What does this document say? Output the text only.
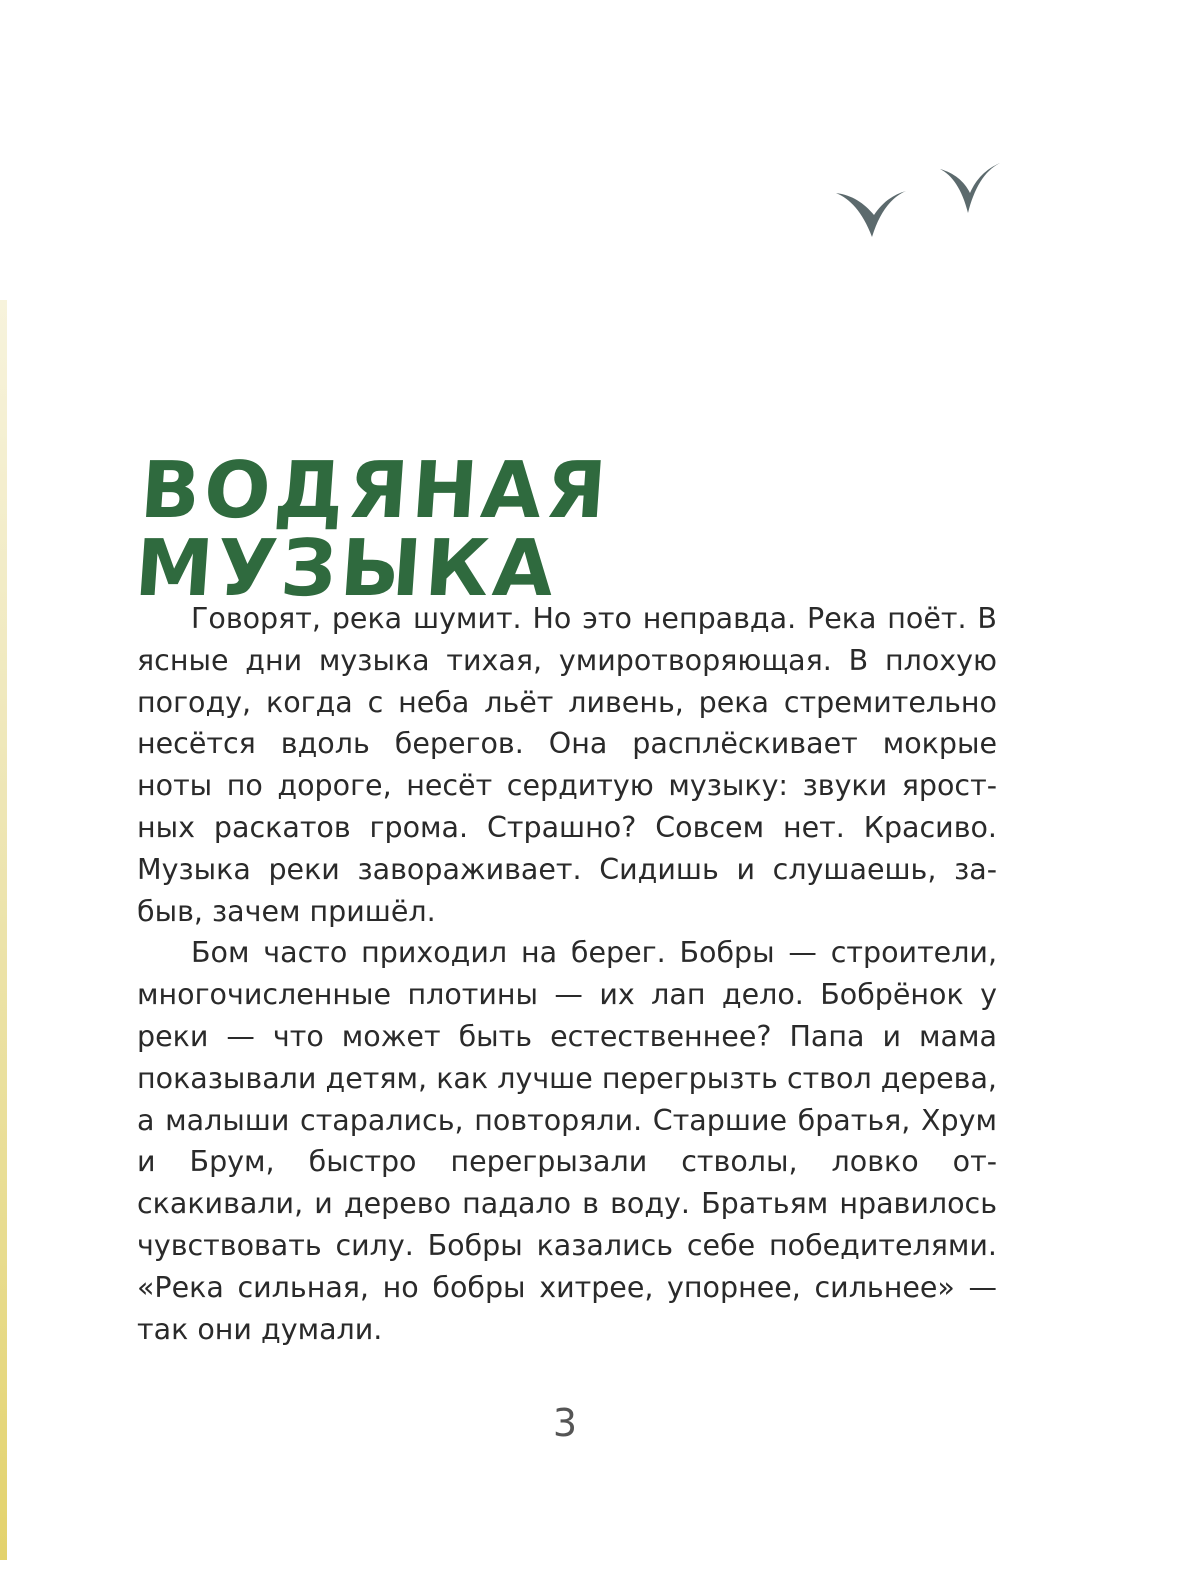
ВОДЯНАЯ МУЗЫКА

Говорят, река шумит. Но это неправда. Река поёт. В ясные дни музыка тихая, умиротворяющая. В плохую погоду, когда с неба льёт ливень, река стремительно несётся вдоль берегов. Она расплёскивает мокрые ноты по дороге, несёт сердитую музыку: звуки яростных раскатов грома. Страшно? Совсем нет. Красиво. Музыка реки завораживает. Сидишь и слушаешь, забыв, зачем пришёл.

Бом часто приходил на берег. Бобры — строители, многочисленные плотины — их лап дело. Бобрёнок у реки — что может быть естественнее? Папа и мама показывали детям, как лучше перегрызть ствол дерева, а малыши старались, повторяли. Старшие братья, Хрум и Брум, быстро перегрызали стволы, ловко отскакивали, и дерево падало в воду. Братьям нравилось чувствовать силу. Бобры казались себе победителями. «Река сильная, но бобры хитрее, упорнее, сильнее» — так они думали.

3
